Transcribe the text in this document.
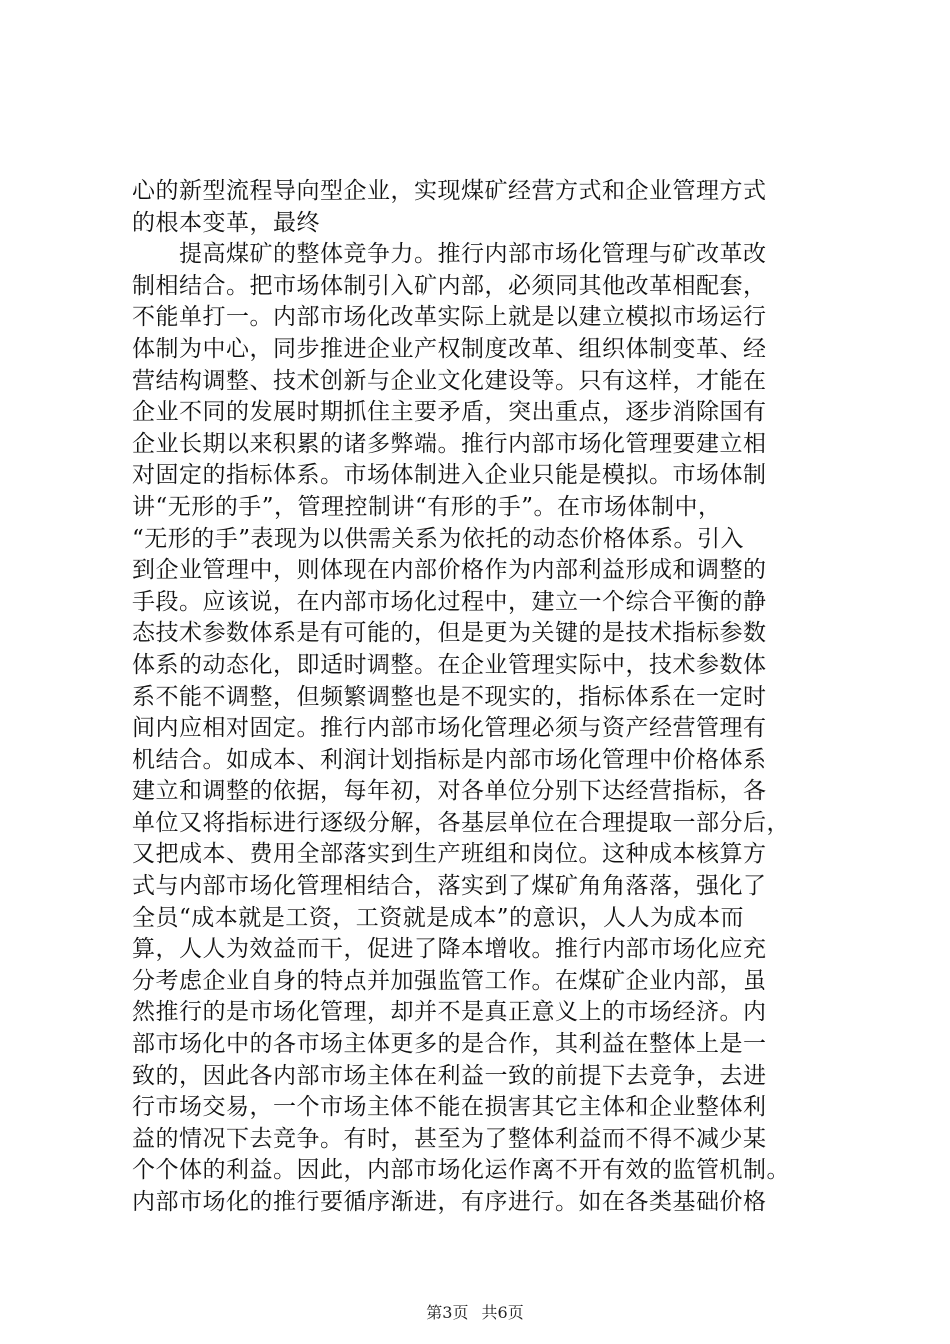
心的新型流程导向型企业，实现煤矿经营方式和企业管理方式
的根本变革，最终
　　提高煤矿的整体竞争力。推行内部市场化管理与矿改革改
制相结合。把市场体制引入矿内部，必须同其他改革相配套，
不能单打一。内部市场化改革实际上就是以建立模拟市场运行
体制为中心，同步推进企业产权制度改革、组织体制变革、经
营结构调整、技术创新与企业文化建设等。只有这样，才能在
企业不同的发展时期抓住主要矛盾，突出重点，逐步消除国有
企业长期以来积累的诸多弊端。推行内部市场化管理要建立相
对固定的指标体系。市场体制进入企业只能是模拟。市场体制
讲“无形的手”，管理控制讲“有形的手”。在市场体制中，
“无形的手”表现为以供需关系为依托的动态价格体系。引入
到企业管理中，则体现在内部价格作为内部利益形成和调整的
手段。应该说，在内部市场化过程中，建立一个综合平衡的静
态技术参数体系是有可能的，但是更为关键的是技术指标参数
体系的动态化，即适时调整。在企业管理实际中，技术参数体
系不能不调整，但频繁调整也是不现实的，指标体系在一定时
间内应相对固定。推行内部市场化管理必须与资产经营管理有
机结合。如成本、利润计划指标是内部市场化管理中价格体系
建立和调整的依据，每年初，对各单位分别下达经营指标，各
单位又将指标进行逐级分解，各基层单位在合理提取一部分后，
又把成本、费用全部落实到生产班组和岗位。这种成本核算方
式与内部市场化管理相结合，落实到了煤矿角角落落，强化了
全员“成本就是工资，工资就是成本”的意识，人人为成本而
算，人人为效益而干，促进了降本增收。推行内部市场化应充
分考虑企业自身的特点并加强监管工作。在煤矿企业内部，虽
然推行的是市场化管理，却并不是真正意义上的市场经济。内
部市场化中的各市场主体更多的是合作，其利益在整体上是一
致的，因此各内部市场主体在利益一致的前提下去竞争，去进
行市场交易，一个市场主体不能在损害其它主体和企业整体利
益的情况下去竞争。有时，甚至为了整体利益而不得不减少某
个个体的利益。因此，内部市场化运作离不开有效的监管机制。
内部市场化的推行要循序渐进，有序进行。如在各类基础价格
第3页 共6页
